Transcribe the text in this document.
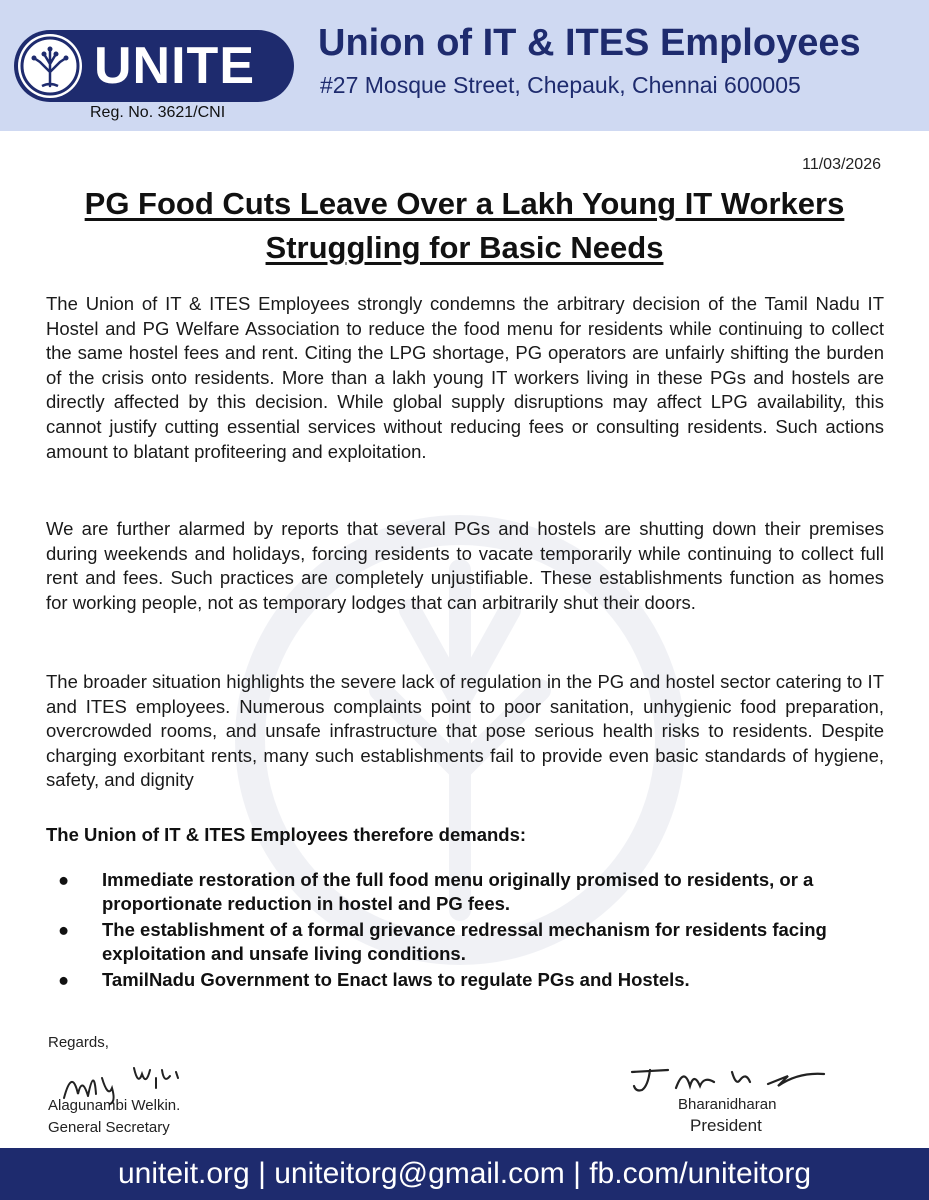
UNITE
Reg. No. 3621/CNI
Union of IT & ITES Employees
#27 Mosque Street, Chepauk, Chennai 600005
11/03/2026
PG Food Cuts Leave Over a Lakh Young IT Workers Struggling for Basic Needs
The Union of IT & ITES Employees strongly condemns the arbitrary decision of the Tamil Nadu IT Hostel and PG Welfare Association to reduce the food menu for residents while continuing to collect the same hostel fees and rent. Citing the LPG shortage, PG operators are unfairly shifting the burden of the crisis onto residents. More than a lakh young IT workers living in these PGs and hostels are directly affected by this decision. While global supply disruptions may affect LPG availability, this cannot justify cutting essential services without reducing fees or consulting residents. Such actions amount to blatant profiteering and exploitation.
We are further alarmed by reports that several PGs and hostels are shutting down their premises during weekends and holidays, forcing residents to vacate temporarily while continuing to collect full rent and fees. Such practices are completely unjustifiable. These establishments function as homes for working people, not as temporary lodges that can arbitrarily shut their doors.
The broader situation highlights the severe lack of regulation in the PG and hostel sector catering to IT and ITES employees. Numerous complaints point to poor sanitation, unhygienic food preparation, overcrowded rooms, and unsafe infrastructure that pose serious health risks to residents. Despite charging exorbitant rents, many such establishments fail to provide even basic standards of hygiene, safety, and dignity
The Union of IT & ITES Employees therefore demands:
● Immediate restoration of the full food menu originally promised to residents, or a proportionate reduction in hostel and PG fees.
● The establishment of a formal grievance redressal mechanism for residents facing exploitation and unsafe living conditions.
● TamilNadu Government to Enact laws to regulate PGs and Hostels.
Regards,
Alagunambi Welkin.
General Secretary
Bharanidharan
President
uniteit.org | uniteitorg@gmail.com | fb.com/uniteitorg
